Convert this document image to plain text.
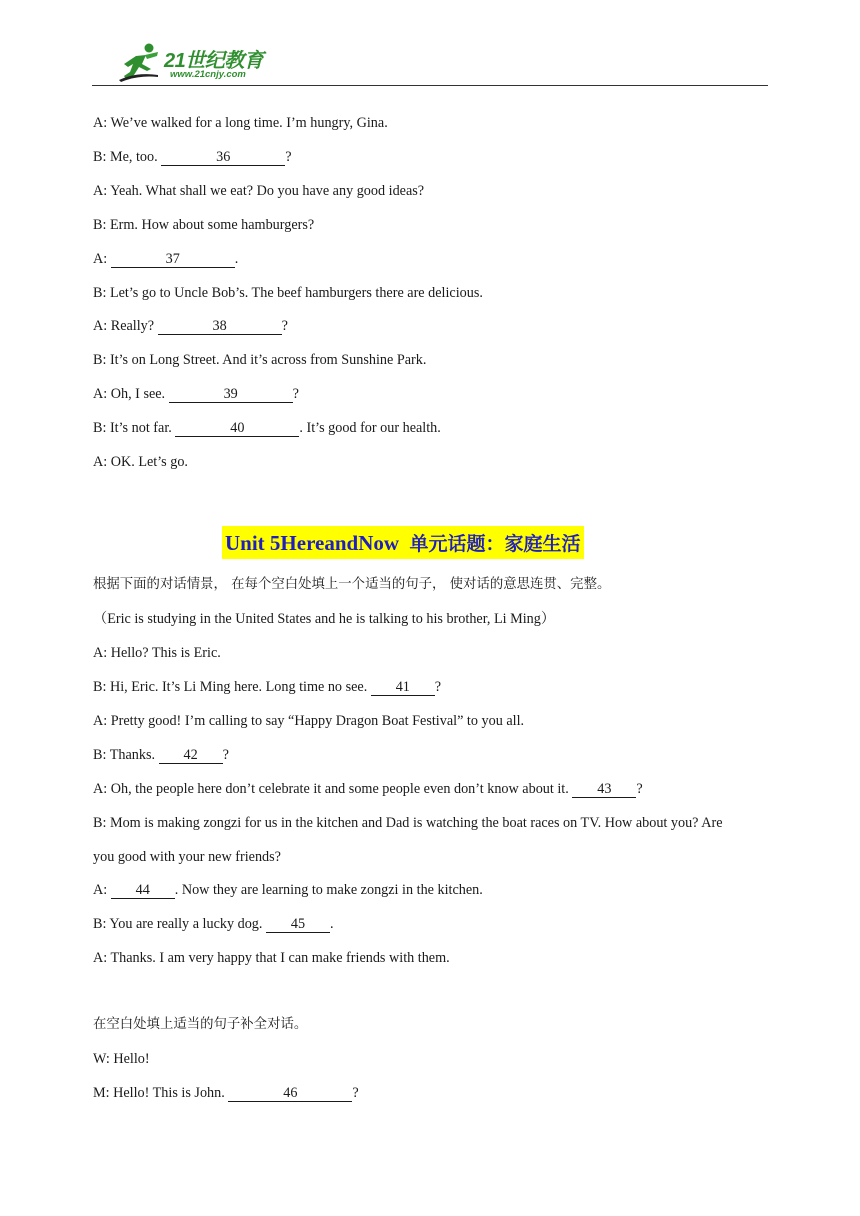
21世纪教育
www.21cnjy.com
A: We’ve walked for a long time. I’m hungry, Gina.
B: Me, too.	36	?
A: Yeah. What shall we eat? Do you have any good ideas?
B: Erm. How about some hamburgers?
A:	37	.
B: Let’s go to Uncle Bob’s. The beef hamburgers there are delicious.
A: Really?	38	?
B: It’s on Long Street. And it’s across from Sunshine Park.
A: Oh, I see.	39	?
B: It’s not far.	40	. It’s good for our health.
A: OK. Let’s go.
Unit 5HereandNow 单元话题：家庭生活
根据下面的对话情景， 在每个空白处填上一个适当的句子， 使对话的意思连贯、完整。
（Eric is studying in the United States and he is talking to his brother, Li Ming）
A: Hello? This is Eric.
B: Hi, Eric. It’s Li Ming here. Long time no see. 41 ?
A: Pretty good! I’m calling to say “Happy Dragon Boat Festival” to you all.
B: Thanks. 42 ?
A: Oh, the people here don’t celebrate it and some people even don’t know about it. 43 ?
B: Mom is making zongzi for us in the kitchen and Dad is watching the boat races on TV. How about you? Are
you good with your new friends?
A: 44 . Now they are learning to make zongzi in the kitchen.
B: You are really a lucky dog. 45 .
A: Thanks. I am very happy that I can make friends with them.
在空白处填上适当的句子补全对话。
W: Hello!
M: Hello! This is John.	46	?
